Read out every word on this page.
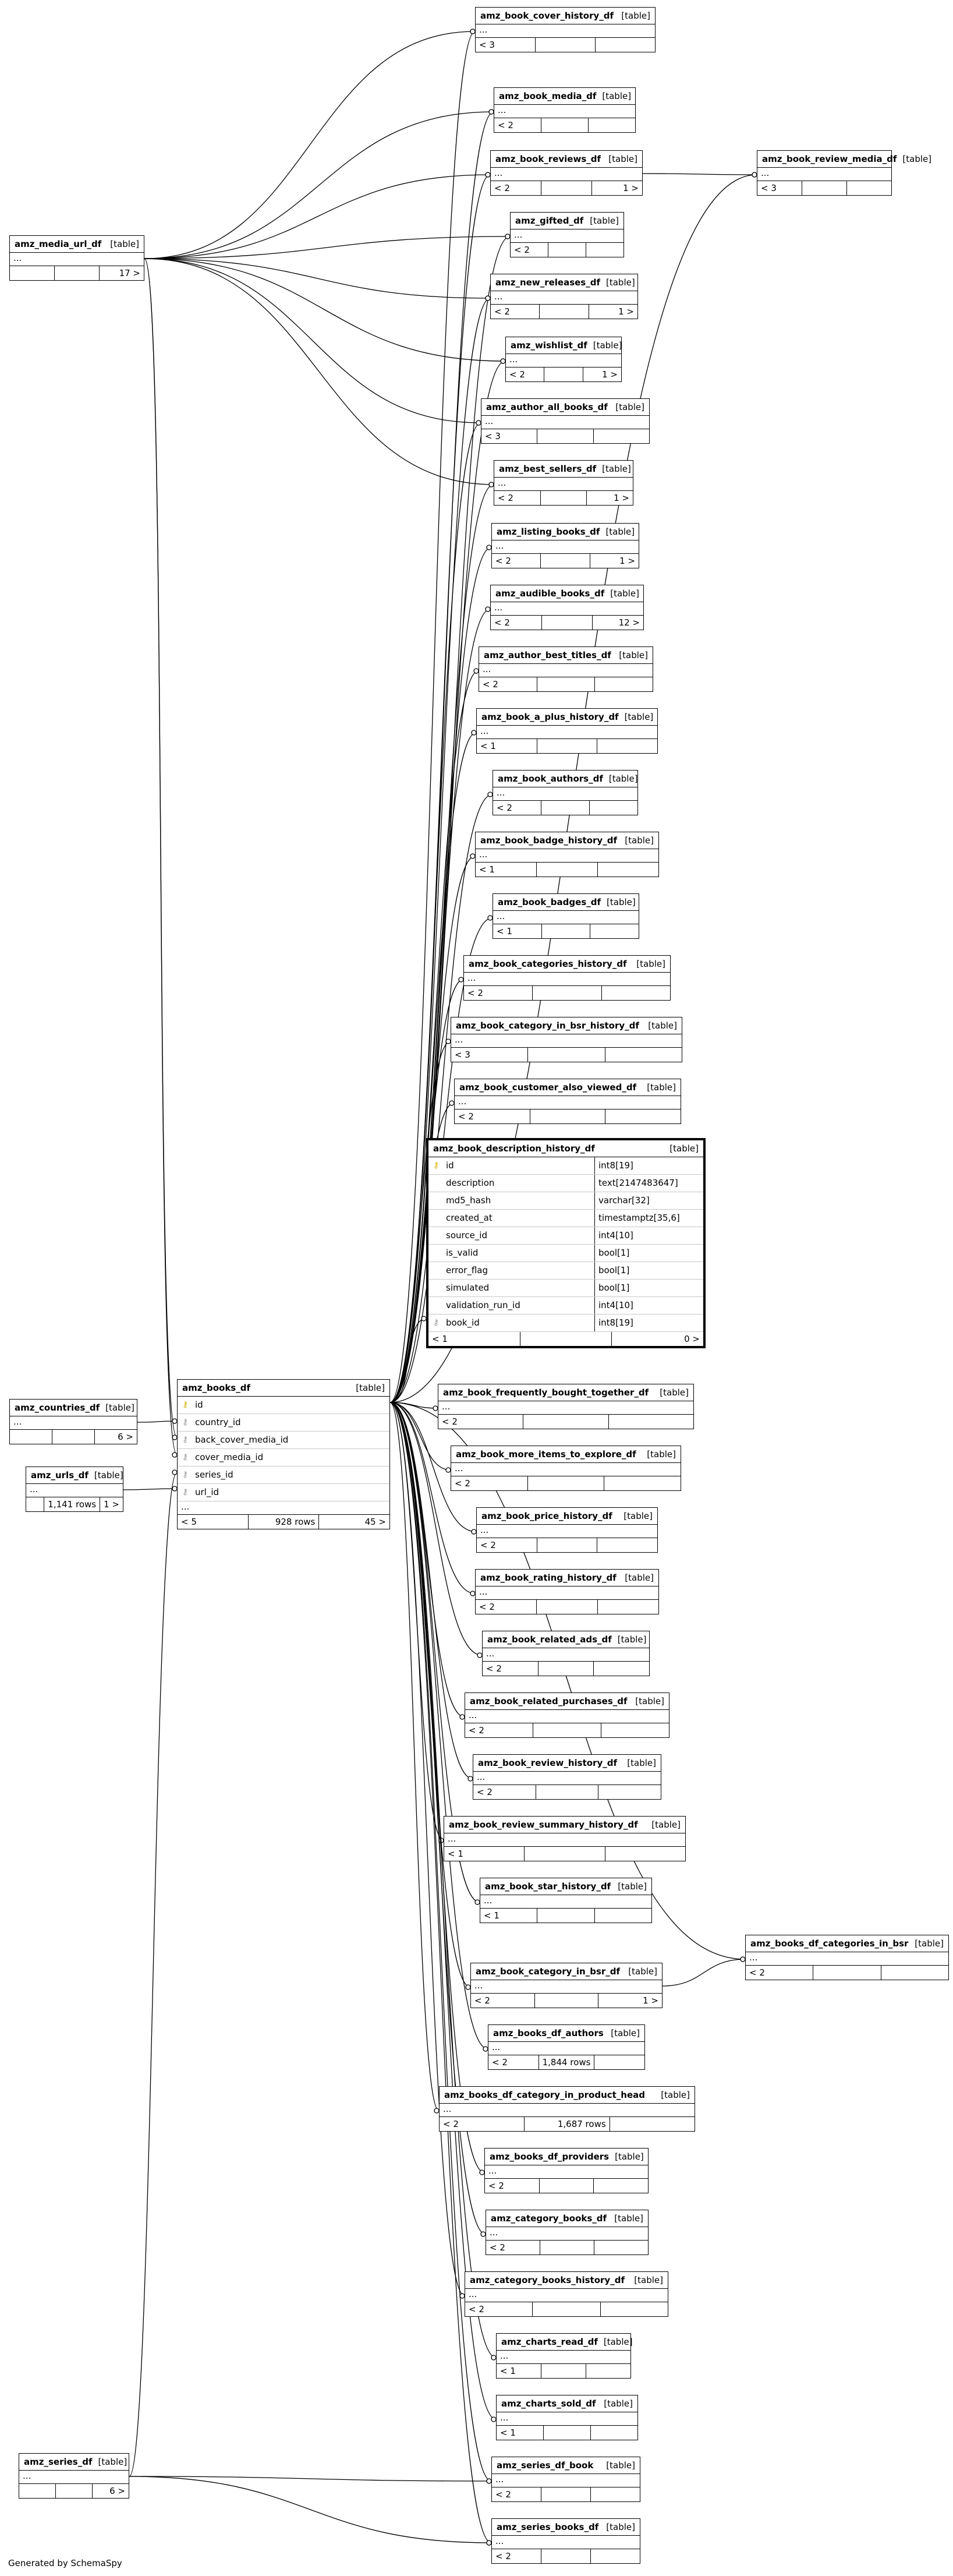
amz_book_cover_history_df [table]
...
< 3
amz_book_media_df [table]
...
< 2
amz_book_reviews_df [table]
...
< 2	1 >
amz_gifted_df [table]
...
< 2
amz_new_releases_df [table]
...
< 2	1 >
amz_wishlist_df [table]
...
< 2	1 >
amz_author_all_books_df [table]
...
< 3
amz_best_sellers_df [table]
...
< 2	1 >
amz_listing_books_df [table]
...
< 2	1 >
amz_audible_books_df [table]
...
< 2	12 >
amz_author_best_titles_df [table]
...
< 2
amz_book_a_plus_history_df [table]
...
< 1
amz_book_authors_df [table]
...
< 2
amz_book_badge_history_df [table]
...
< 1
amz_book_badges_df [table]
...
< 1
amz_book_categories_history_df	[table]
...
< 2
amz_book_category_in_bsr_history_df	[table]
...
< 3
amz_book_customer_also_viewed_df	[table]
...
< 2
amz_book_frequently_bought_together_df	[table]
...
< 2
amz_book_more_items_to_explore_df	[table]
...
< 2
amz_book_price_history_df	[table]
...
< 2
amz_book_rating_history_df [table]
...
< 2
amz_book_related_ads_df [table]
...
< 2
amz_book_related_purchases_df [table]
...
< 2
amz_book_review_history_df	[table]
...
< 2
amz_book_review_summary_history_df	[table]
...
< 1
amz_book_star_history_df [table]
...
< 1
amz_book_category_in_bsr_df [table]
...
< 2	1 >
amz_books_df_authors [table]
...
< 2	1,844 rows
amz_books_df_category_in_product_head	[table]
...
< 2	1,687 rows
amz_books_df_providers [table]
...
< 2
amz_category_books_df [table]
...
< 2
amz_category_books_history_df	[table]
...
< 2
amz_charts_read_df [table]
...
< 1
amz_charts_sold_df [table]
...
< 1
amz_series_df_book	[table]
...
< 2
amz_series_books_df [table]
...
< 2
amz_media_url_df	[table]
...
17 >
amz_countries_df [table]
...
6 >
amz_urls_df [table]
...
1,141 rows 1 >
amz_series_df [table]
...
6 >
amz_book_review_media_df [table]
...
< 3
amz_books_df_categories_in_bsr [table]
...
< 2
amz_book_description_history_df	[table]
⚷ id	int8[19]
description	text[2147483647]
md5_hash	varchar[32]
created_at	timestamptz[35,6]
source_id	int4[10]
is_valid	bool[1]
error_flag	bool[1]
simulated	bool[1]
validation_run_id	int4[10]
⚷ book_id	int8[19]
< 1	0 >
amz_books_df	[table]
⚷ id
⚷ country_id
⚷ back_cover_media_id
⚷ cover_media_id
⚷ series_id
⚷ url_id
...
< 5	928 rows	45 >
Generated by SchemaSpy
